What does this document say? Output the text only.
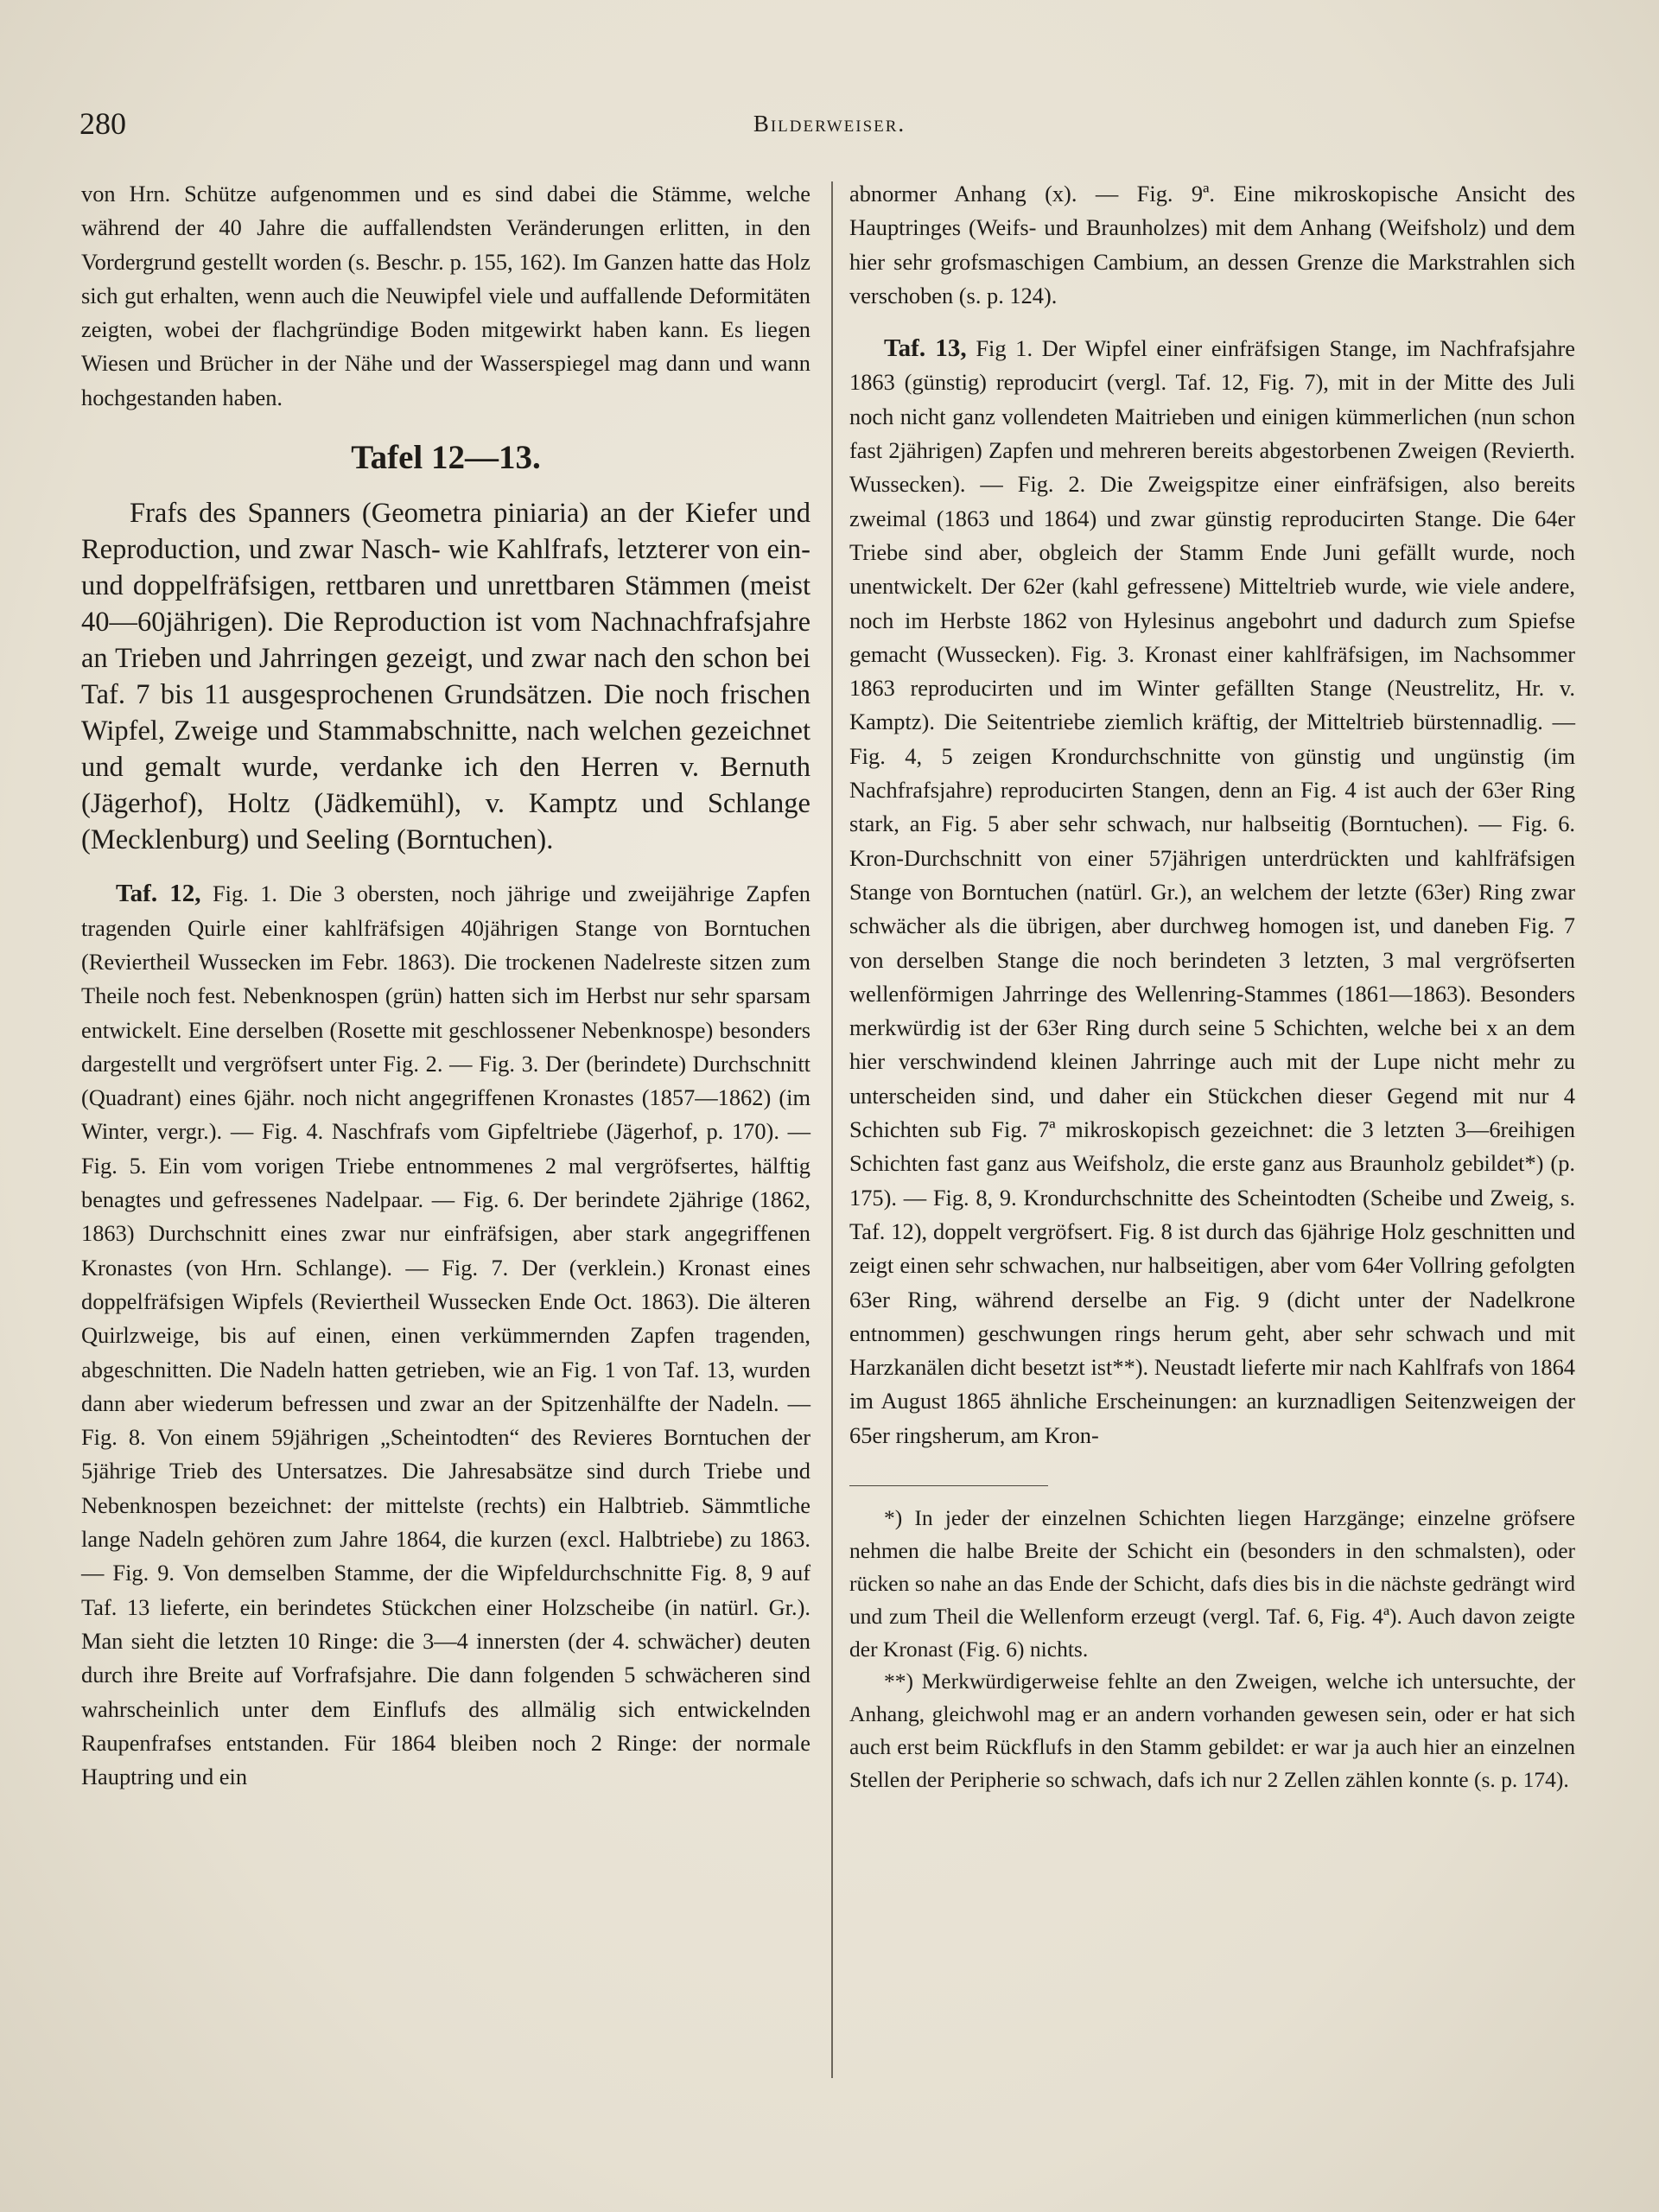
280	Bilderweiser.

von Hrn. Schütze aufgenommen und es sind dabei die Stämme, welche während der 40 Jahre die auffallendsten Veränderungen erlitten, in den Vordergrund gestellt worden (s. Beschr. p. 155, 162). Im Ganzen hatte das Holz sich gut erhalten, wenn auch die Neuwipfel viele und auffallende Deformitäten zeigten, wobei der flachgründige Boden mitgewirkt haben kann. Es liegen Wiesen und Brücher in der Nähe und der Wasserspiegel mag dann und wann hochgestanden haben.

Tafel 12—13.

Frafs des Spanners (Geometra piniaria) an der Kiefer und Reproduction, und zwar Nasch- wie Kahlfrafs, letzterer von ein- und doppelfräfsigen, rettbaren und unrettbaren Stämmen (meist 40—60jährigen). Die Reproduction ist vom Nachnachfrafsjahre an Trieben und Jahrringen gezeigt, und zwar nach den schon bei Taf. 7 bis 11 ausgesprochenen Grundsätzen. Die noch frischen Wipfel, Zweige und Stammabschnitte, nach welchen gezeichnet und gemalt wurde, verdanke ich den Herren v. Bernuth (Jägerhof), Holtz (Jädkemühl), v. Kamptz und Schlange (Mecklenburg) und Seeling (Borntuchen).

Taf. 12, Fig. 1. Die 3 obersten, noch jährige und zweijährige Zapfen tragenden Quirle einer kahlfräfsigen 40jährigen Stange von Borntuchen (Reviertheil Wussecken im Febr. 1863). Die trockenen Nadelreste sitzen zum Theile noch fest. Nebenknospen (grün) hatten sich im Herbst nur sehr sparsam entwickelt. Eine derselben (Rosette mit geschlossener Nebenknospe) besonders dargestellt und vergröfsert unter Fig. 2. — Fig. 3. Der (berindete) Durchschnitt (Quadrant) eines 6jähr. noch nicht angegriffenen Kronastes (1857—1862) (im Winter, vergr.). — Fig. 4. Naschfrafs vom Gipfeltriebe (Jägerhof, p. 170). — Fig. 5. Ein vom vorigen Triebe entnommenes 2 mal vergröfsertes, hälftig benagtes und gefressenes Nadelpaar. — Fig. 6. Der berindete 2jährige (1862, 1863) Durchschnitt eines zwar nur einfräfsigen, aber stark angegriffenen Kronastes (von Hrn. Schlange). — Fig. 7. Der (verklein.) Kronast eines doppelfräfsigen Wipfels (Reviertheil Wussecken Ende Oct. 1863). Die älteren Quirlzweige, bis auf einen, einen verkümmernden Zapfen tragenden, abgeschnitten. Die Nadeln hatten getrieben, wie an Fig. 1 von Taf. 13, wurden dann aber wiederum befressen und zwar an der Spitzenhälfte der Nadeln. — Fig. 8. Von einem 59jährigen „Scheintodten“ des Revieres Borntuchen der 5jährige Trieb des Untersatzes. Die Jahresabsätze sind durch Triebe und Nebenknospen bezeichnet: der mittelste (rechts) ein Halbtrieb. Sämmtliche lange Nadeln gehören zum Jahre 1864, die kurzen (excl. Halbtriebe) zu 1863. — Fig. 9. Von demselben Stamme, der die Wipfeldurchschnitte Fig. 8, 9 auf Taf. 13 lieferte, ein berindetes Stückchen einer Holzscheibe (in natürl. Gr.). Man sieht die letzten 10 Ringe: die 3—4 innersten (der 4. schwächer) deuten durch ihre Breite auf Vorfrafsjahre. Die dann folgenden 5 schwächeren sind wahrscheinlich unter dem Einflufs des allmälig sich entwickelnden Raupenfrafses entstanden. Für 1864 bleiben noch 2 Ringe: der normale Hauptring und ein

abnormer Anhang (x). — Fig. 9ª. Eine mikroskopische Ansicht des Hauptringes (Weifs- und Braunholzes) mit dem Anhang (Weifsholz) und dem hier sehr grofsmaschigen Cambium, an dessen Grenze die Markstrahlen sich verschoben (s. p. 124).

Taf. 13, Fig 1. Der Wipfel einer einfräfsigen Stange, im Nachfrafsjahre 1863 (günstig) reproducirt (vergl. Taf. 12, Fig. 7), mit in der Mitte des Juli noch nicht ganz vollendeten Maitrieben und einigen kümmerlichen (nun schon fast 2jährigen) Zapfen und mehreren bereits abgestorbenen Zweigen (Revierth. Wussecken). — Fig. 2. Die Zweigspitze einer einfräfsigen, also bereits zweimal (1863 und 1864) und zwar günstig reproducirten Stange. Die 64er Triebe sind aber, obgleich der Stamm Ende Juni gefällt wurde, noch unentwickelt. Der 62er (kahl gefressene) Mitteltrieb wurde, wie viele andere, noch im Herbste 1862 von Hylesinus angebohrt und dadurch zum Spiefse gemacht (Wussecken). Fig. 3. Kronast einer kahlfräfsigen, im Nachsommer 1863 reproducirten und im Winter gefällten Stange (Neustrelitz, Hr. v. Kamptz). Die Seitentriebe ziemlich kräftig, der Mitteltrieb bürstennadlig. — Fig. 4, 5 zeigen Krondurchschnitte von günstig und ungünstig (im Nachfrafsjahre) reproducirten Stangen, denn an Fig. 4 ist auch der 63er Ring stark, an Fig. 5 aber sehr schwach, nur halbseitig (Borntuchen). — Fig. 6. Kron-Durchschnitt von einer 57jährigen unterdrückten und kahlfräfsigen Stange von Borntuchen (natürl. Gr.), an welchem der letzte (63er) Ring zwar schwächer als die übrigen, aber durchweg homogen ist, und daneben Fig. 7 von derselben Stange die noch berindeten 3 letzten, 3 mal vergröfserten wellenförmigen Jahrringe des Wellenring-Stammes (1861—1863). Besonders merkwürdig ist der 63er Ring durch seine 5 Schichten, welche bei x an dem hier verschwindend kleinen Jahrringe auch mit der Lupe nicht mehr zu unterscheiden sind, und daher ein Stückchen dieser Gegend mit nur 4 Schichten sub Fig. 7ª mikroskopisch gezeichnet: die 3 letzten 3—6reihigen Schichten fast ganz aus Weifsholz, die erste ganz aus Braunholz gebildet*) (p. 175). — Fig. 8, 9. Krondurchschnitte des Scheintodten (Scheibe und Zweig, s. Taf. 12), doppelt vergröfsert. Fig. 8 ist durch das 6jährige Holz geschnitten und zeigt einen sehr schwachen, nur halbseitigen, aber vom 64er Vollring gefolgten 63er Ring, während derselbe an Fig. 9 (dicht unter der Nadelkrone entnommen) geschwungen rings herum geht, aber sehr schwach und mit Harzkanälen dicht besetzt ist**). Neustadt lieferte mir nach Kahlfrafs von 1864 im August 1865 ähnliche Erscheinungen: an kurznadligen Seitenzweigen der 65er ringsherum, am Kron-

*) In jeder der einzelnen Schichten liegen Harzgänge; einzelne gröfsere nehmen die halbe Breite der Schicht ein (besonders in den schmalsten), oder rücken so nahe an das Ende der Schicht, dafs dies bis in die nächste gedrängt wird und zum Theil die Wellenform erzeugt (vergl. Taf. 6, Fig. 4ª). Auch davon zeigte der Kronast (Fig. 6) nichts.

**) Merkwürdigerweise fehlte an den Zweigen, welche ich untersuchte, der Anhang, gleichwohl mag er an andern vorhanden gewesen sein, oder er hat sich auch erst beim Rückflufs in den Stamm gebildet: er war ja auch hier an einzelnen Stellen der Peripherie so schwach, dafs ich nur 2 Zellen zählen konnte (s. p. 174).
